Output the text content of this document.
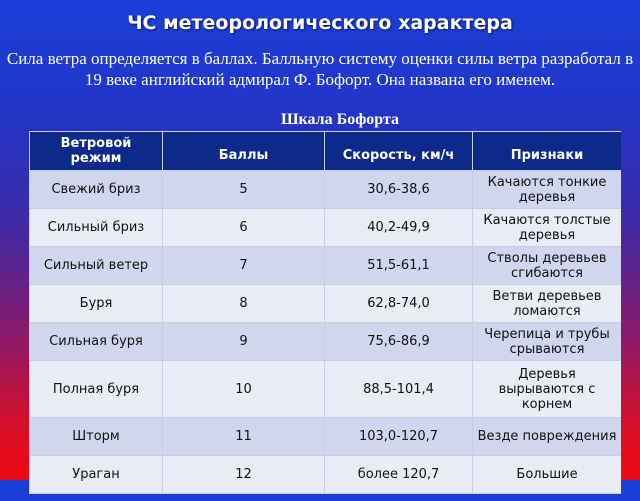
ЧС метеорологического характера
Сила ветра определяется в баллах. Балльную систему оценки силы ветра разработал в 19 веке английский адмирал Ф. Бофорт. Она названа его именем.
Шкала Бофорта
Ветровой режим	Баллы	Скорость, км/ч	Признаки

Свежий бриз	5	30,6-38,6	Качаются тонкие деревья
Сильный бриз	6	40,2-49,9	Качаются толстые деревья
Сильный ветер	7	51,5-61,1	Стволы деревьев сгибаются
Буря	8	62,8-74,0	Ветви деревьев ломаются
Сильная буря	9	75,6-86,9	Черепица и трубы срываются
Полная буря	10	88,5-101,4	Деревья вырываются с корнем
Шторм	11	103,0-120,7	Везде повреждения
Ураган	12	более 120,7	Большие
